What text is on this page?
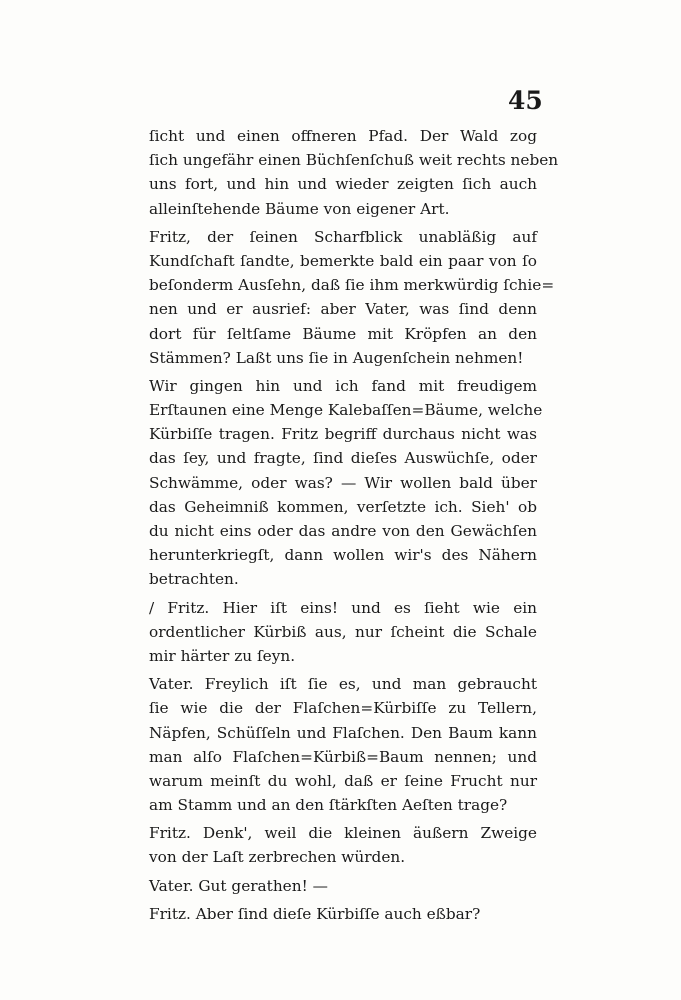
45
ſicht und einen offneren Pfad. Der Wald zog
ſich ungefähr einen Büchſenſchuß weit rechts neben
uns fort, und hin und wieder zeigten ſich auch
alleinſtehende Bäume von eigener Art.
Fritz, der ſeinen Scharfblick unabläßig auf
Kundſchaft ſandte, bemerkte bald ein paar von ſo
beſonderm Ausſehn, daß ſie ihm merkwürdig ſchie=
nen und er ausrief: aber Vater, was ſind denn
dort für ſeltſame Bäume mit Kröpfen an den
Stämmen? Laßt uns ſie in Augenſchein nehmen!
Wir gingen hin und ich fand mit freudigem
Erſtaunen eine Menge Kalebaſſen=Bäume, welche
Kürbiſſe tragen. Fritz begriff durchaus nicht was
das ſey, und fragte, ſind dieſes Auswüchſe, oder
Schwämme, oder was? — Wir wollen bald über
das Geheimniß kommen, verſetzte ich. Sieh' ob
du nicht eins oder das andre von den Gewächſen
herunterkriegſt, dann wollen wir's des Nähern
betrachten.
/ Fritz. Hier iſt eins! und es ſieht wie ein
ordentlicher Kürbiß aus, nur ſcheint die Schale
mir härter zu ſeyn.
Vater. Freylich iſt ſie es, und man gebraucht
ſie wie die der Flaſchen=Kürbiſſe zu Tellern,
Näpfen, Schüſſeln und Flaſchen. Den Baum kann
man alſo Flaſchen=Kürbiß=Baum nennen; und
warum meinſt du wohl, daß er ſeine Frucht nur
am Stamm und an den ſtärkſten Aeſten trage?
Fritz. Denk', weil die kleinen äußern Zweige
von der Laſt zerbrechen würden.
Vater. Gut gerathen! —
Fritz. Aber ſind dieſe Kürbiſſe auch eßbar?
